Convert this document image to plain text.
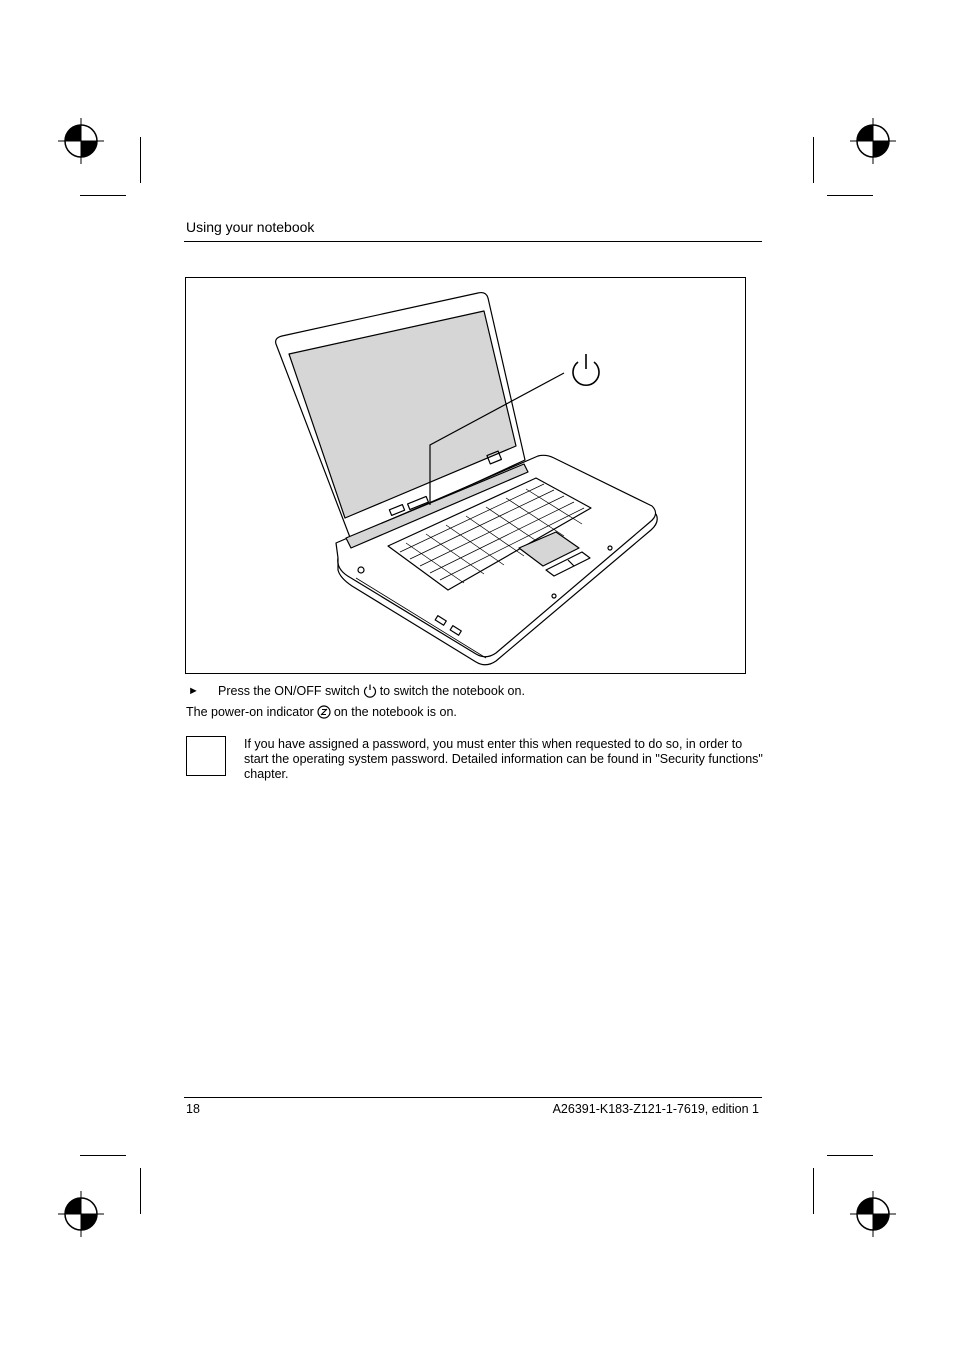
Using your notebook
►	Press the ON/OFF switch to switch the notebook on.
The power-on indicator on the notebook is on.
If you have assigned a password, you must enter this when requested to do so, in order to start the operating system password. Detailed information can be found in "Security functions" chapter.
18	A26391-K183-Z121-1-7619, edition 1
